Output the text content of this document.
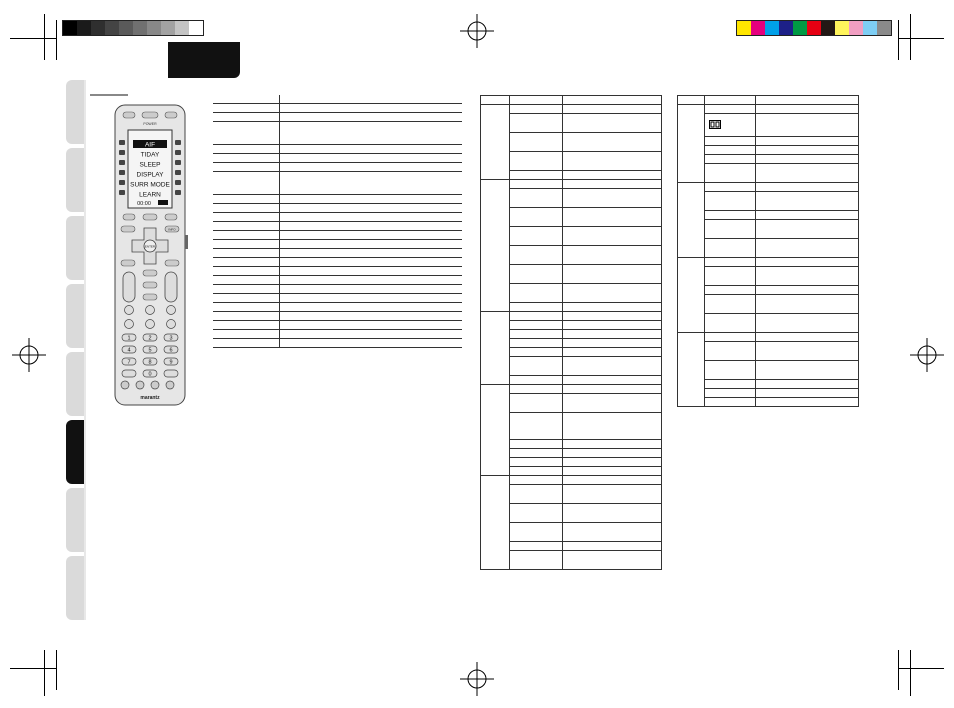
POWER
AIF
TIDAY
SLEEP
DISPLAY
SURR MODE
LEARN
00:00
INFO
ENTER
1	2	3
4	5	6
7	8	9
0
marantz
